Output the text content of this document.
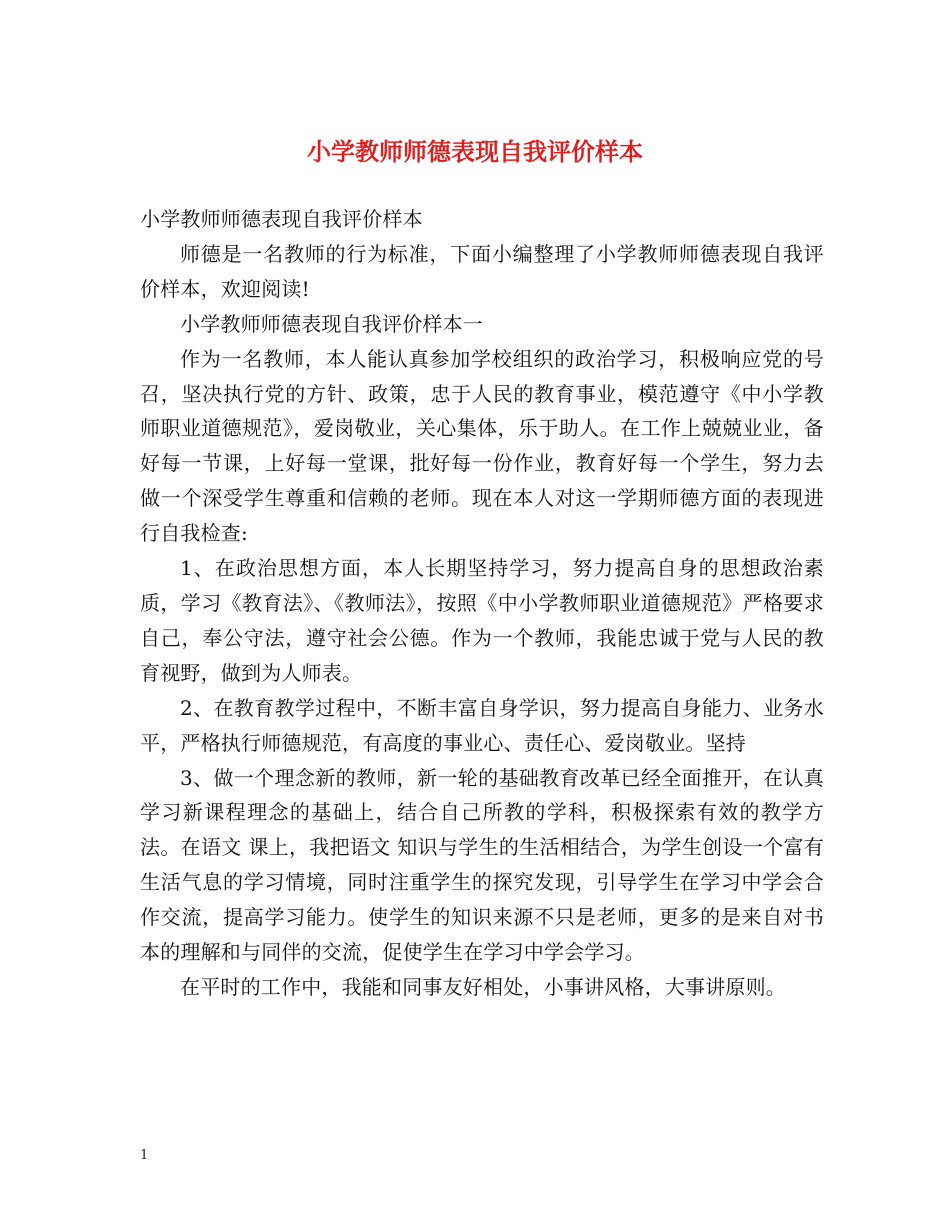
小学教师师德表现自我评价样本

小学教师师德表现自我评价样本

师德是一名教师的行为标准，下面小编整理了小学教师师德表现自我评价样本，欢迎阅读!

小学教师师德表现自我评价样本一

作为一名教师，本人能认真参加学校组织的政治学习，积极响应党的号召，坚决执行党的方针、政策，忠于人民的教育事业，模范遵守《中小学教师职业道德规范》，爱岗敬业，关心集体，乐于助人。在工作上兢兢业业，备好每一节课，上好每一堂课，批好每一份作业，教育好每一个学生，努力去做一个深受学生尊重和信赖的老师。现在本人对这一学期师德方面的表现进行自我检查:

1、在政治思想方面，本人长期坚持学习，努力提高自身的思想政治素质，学习《教育法》、《教师法》，按照《中小学教师职业道德规范》严格要求自己，奉公守法，遵守社会公德。作为一个教师，我能忠诚于党与人民的教育视野，做到为人师表。

2、在教育教学过程中，不断丰富自身学识，努力提高自身能力、业务水平，严格执行师德规范，有高度的事业心、责任心、爱岗敬业。坚持

3、做一个理念新的教师，新一轮的基础教育改革已经全面推开，在认真学习新课程理念的基础上，结合自己所教的学科，积极探索有效的教学方法。在语文 课上，我把语文 知识与学生的生活相结合，为学生创设一个富有生活气息的学习情境，同时注重学生的探究发现，引导学生在学习中学会合作交流，提高学习能力。使学生的知识来源不只是老师，更多的是来自对书本的理解和与同伴的交流，促使学生在学习中学会学习。

在平时的工作中，我能和同事友好相处，小事讲风格，大事讲原则。

1
